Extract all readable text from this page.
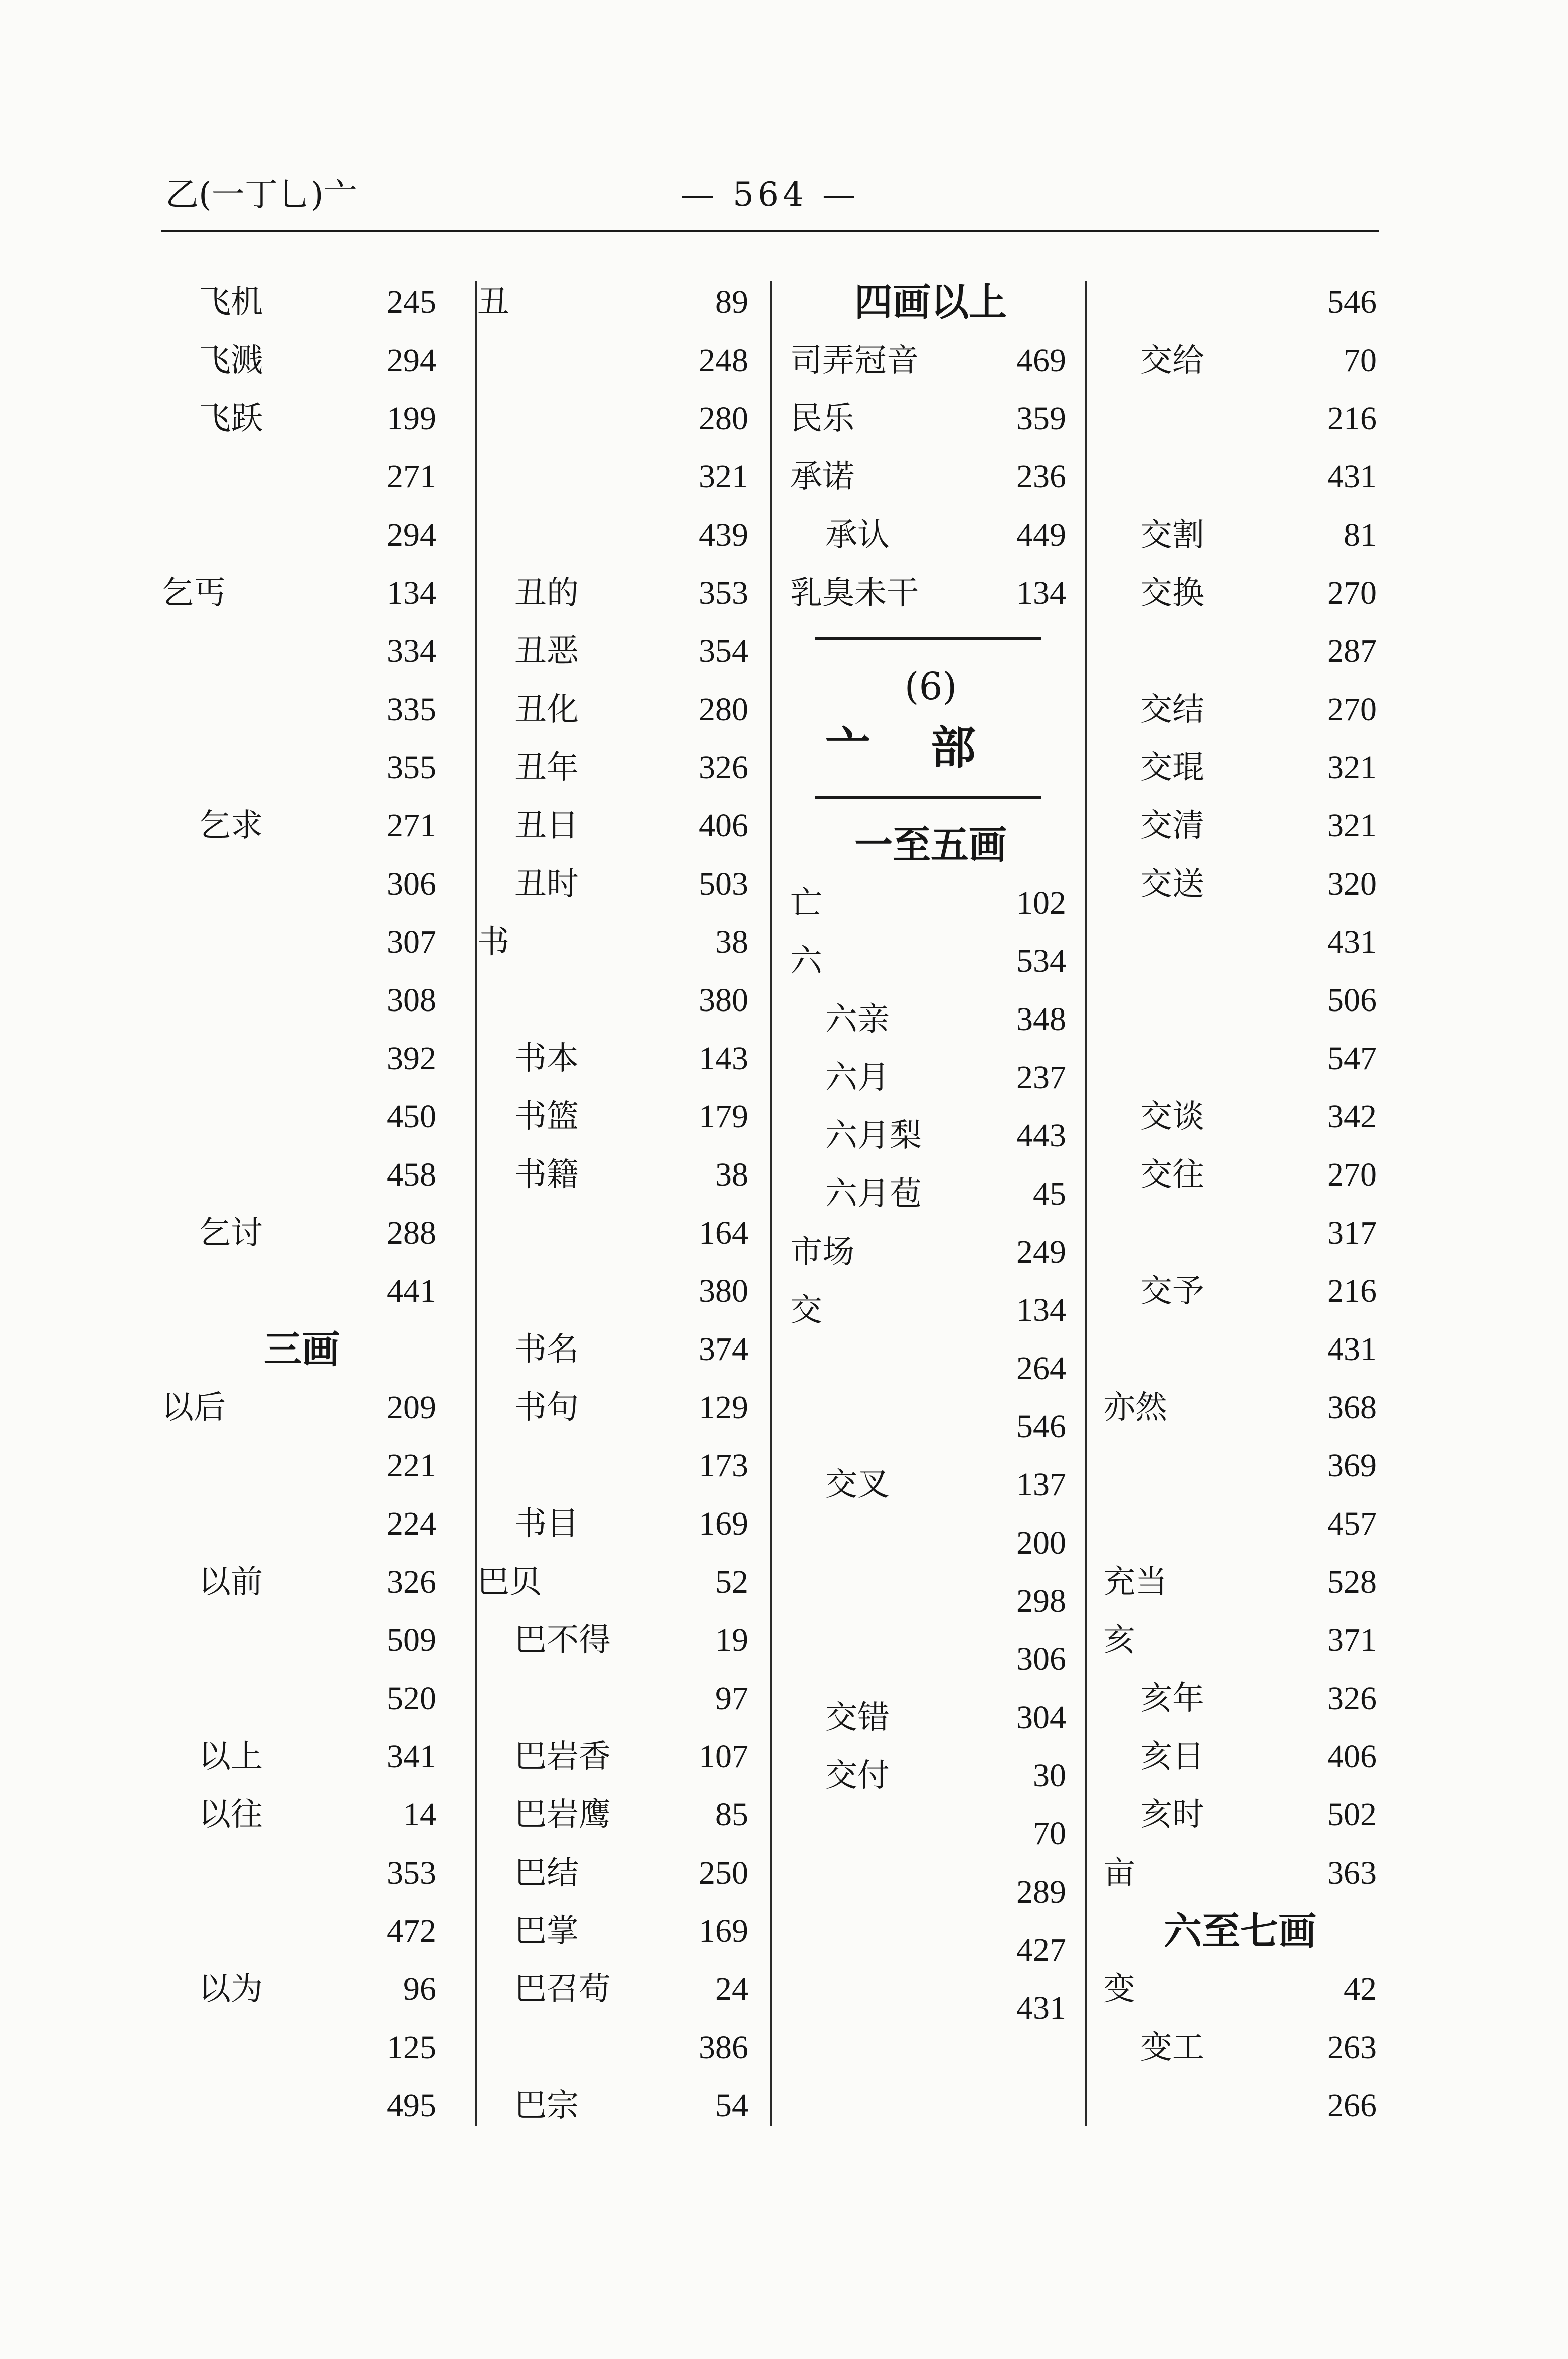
乙(一丁乚)亠	— 564 —
飞机	245
飞溅	294
飞跃	199
271
294
乞丐	134
334
335
355
乞求	271
306
307
308
392
450
458
乞讨	288
441
三画
以后	209
221
224
以前	326
509
520
以上	341
以往	14
353
472
以为	96
125
495
丑	89
248
280
321
439
丑的	353
丑恶	354
丑化	280
丑年	326
丑日	406
丑时	503
书	38
380
书本	143
书篮	179
书籍	38
164
380
书名	374
书句	129
173
书目	169
巴贝	52
巴不得	19
97
巴岩香	107
巴岩鹰	85
巴结	250
巴掌	169
巴召苟	24
386
巴宗	54
四画以上
司弄冠音	469
民乐	359
承诺	236
承认	449
乳臭未干	134
(6)
亠部
一至五画
亡	102
六	534
六亲	348
六月	237
六月梨	443
六月苞	45
市场	249
交	134
264
546
交叉	137
200
298
306
交错	304
交付	30
70
289
427
431
546
交给	70
216
431
交割	81
交换	270
287
交结	270
交琨	321
交清	321
交送	320
431
506
547
交谈	342
交往	270
317
交予	216
431
亦然	368
369
457
充当	528
亥	371
亥年	326
亥日	406
亥时	502
亩	363
六至七画
变	42
变工	263
266
